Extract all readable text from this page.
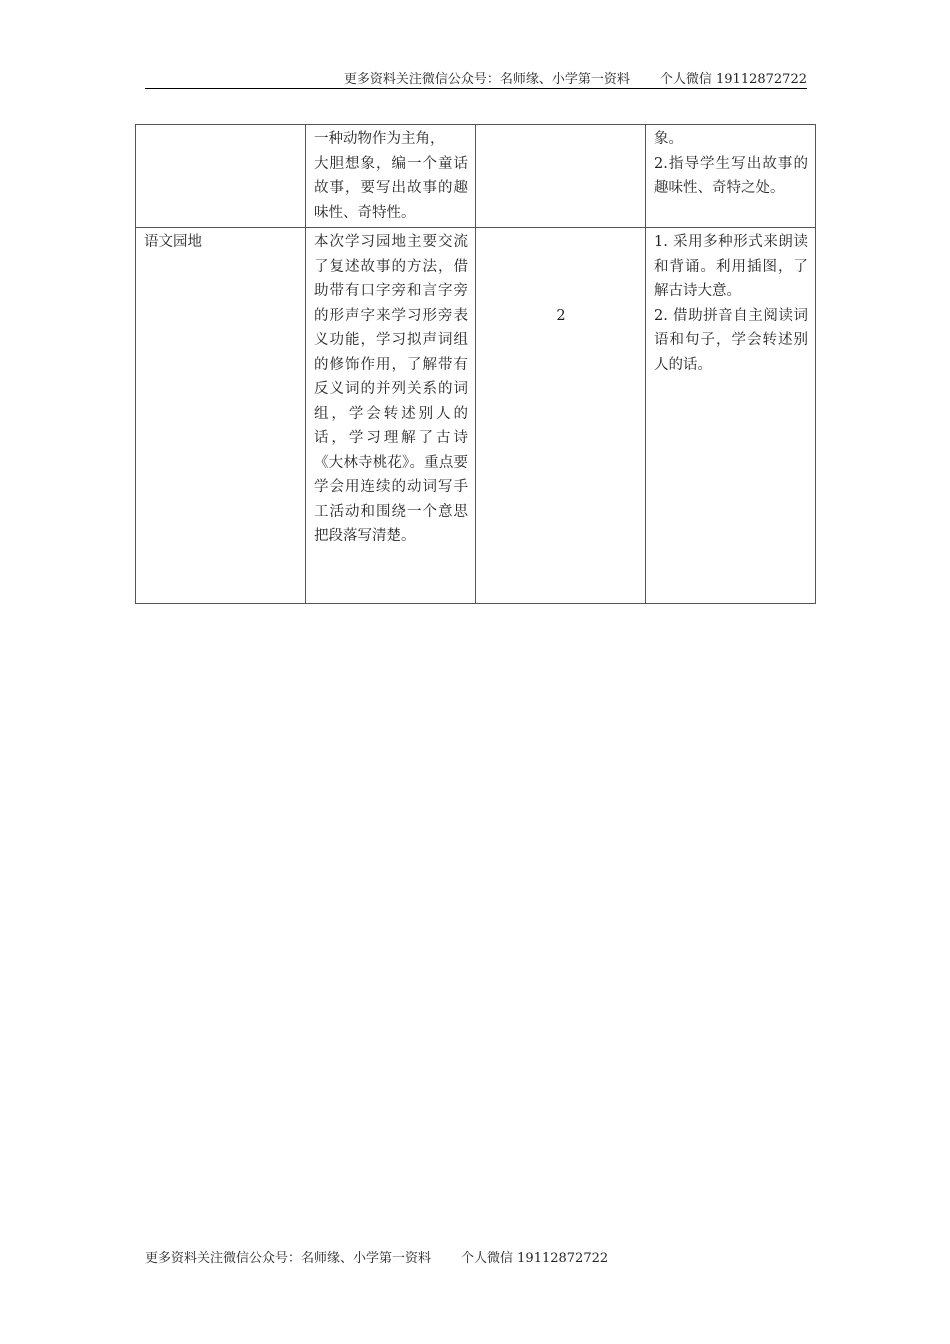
更多资料关注微信公众号：名师缘、小学第一资料 个人微信 19112872722

	一种动物作为主角，
大胆想象，编一个童话故事，要写出故事的趣味性、奇特性。		象。
2.指导学生写出故事的趣味性、奇特之处。

语文园地	本次学习园地主要交流了复述故事的方法，借助带有口字旁和言字旁的形声字来学习形旁表义功能，学习拟声词组的修饰作用，了解带有反义词的并列关系的词组，学会转述别人的话，学习理解了古诗《大林寺桃花》。重点要学会用连续的动词写手工活动和围绕一个意思把段落写清楚。	2	1. 采用多种形式来朗读和背诵。利用插图，了解古诗大意。
2. 借助拼音自主阅读词语和句子，学会转述别人的话。
更多资料关注微信公众号：名师缘、小学第一资料 个人微信 19112872722
